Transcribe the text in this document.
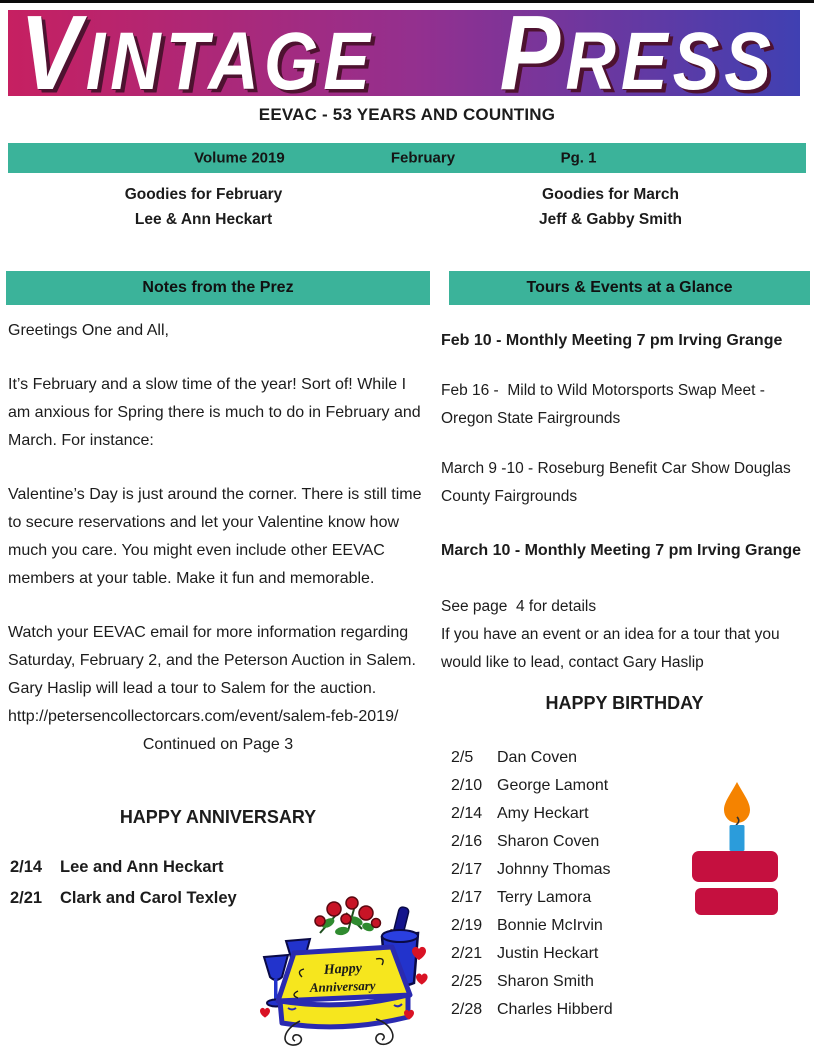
VINTAGE PRESS
EEVAC - 53 YEARS AND COUNTING
Volume 2019	February	Pg. 1
Goodies for February
Lee & Ann Heckart
Goodies for March
Jeff & Gabby Smith
Notes from the Prez

Greetings One and All,

It’s February and a slow time of the year! Sort of! While I am anxious for Spring there is much to do in February and March. For instance:

Valentine’s Day is just around the corner. There is still time to secure reservations and let your Valentine know how much you care. You might even include other EEVAC members at your table. Make it fun and memorable.

Watch your EEVAC email for more information regarding Saturday, February 2, and the Peterson Auction in Salem. Gary Haslip will lead a tour to Salem for the auction.
http://petersencollectorcars.com/event/salem-feb-2019/

Continued on Page 3

HAPPY ANNIVERSARY
2/14 Lee and Ann Heckart
2/21 Clark and Carol Texley
Happy
Anniversary
Tours & Events at a Glance
Feb 10 - Monthly Meeting 7 pm Irving Grange
Feb 16 -  Mild to Wild Motorsports Swap Meet - Oregon State Fairgrounds
March 9 -10 - Roseburg Benefit Car Show Douglas County Fairgrounds
March 10 - Monthly Meeting 7 pm Irving Grange
See page  4 for details
If you have an event or an idea for a tour that you would like to lead, contact Gary Haslip
HAPPY BIRTHDAY
2/5 Dan Coven
2/10 George Lamont
2/14 Amy Heckart
2/16 Sharon Coven
2/17 Johnny Thomas
2/17 Terry Lamora
2/19 Bonnie McIrvin
2/21 Justin Heckart
2/25 Sharon Smith
2/28 Charles Hibberd
